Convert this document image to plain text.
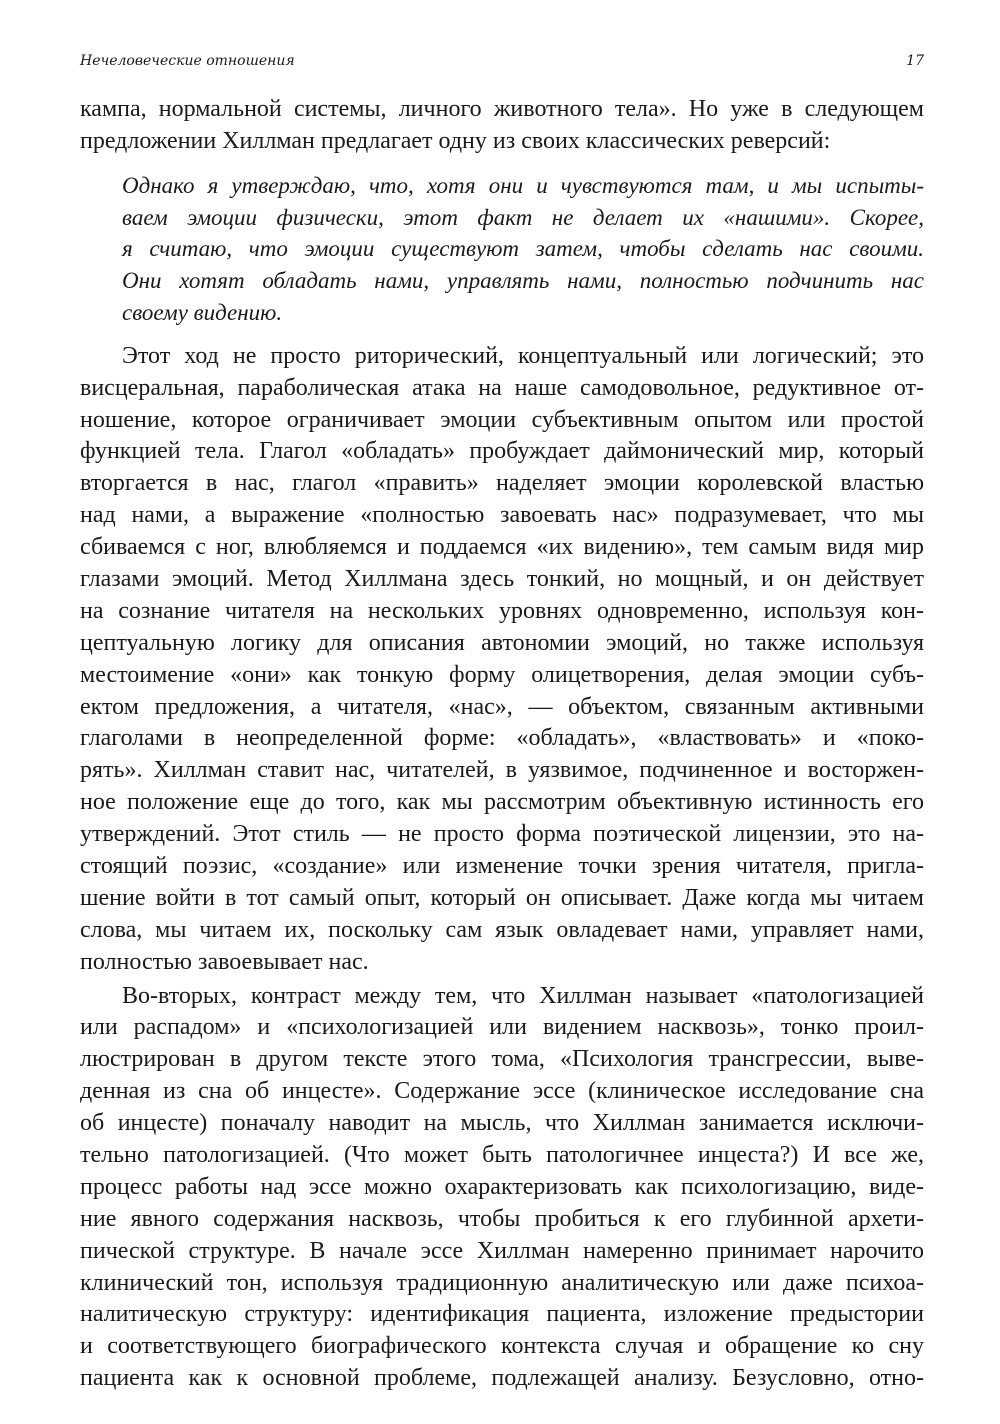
Нечеловеческие отношения	17
кампа, нормальной системы, личного животного тела». Но уже в следующем
предложении Хиллман предлагает одну из своих классических реверсий:
Однако я утверждаю, что, хотя они и чувствуются там, и мы испыты-
ваем эмоции физически, этот факт не делает их «нашими». Скорее,
я считаю, что эмоции существуют затем, чтобы сделать нас своими.
Они хотят обладать нами, управлять нами, полностью подчинить нас
своему видению.
Этот ход не просто риторический, концептуальный или логический; это
висцеральная, параболическая атака на наше самодовольное, редуктивное от-
ношение, которое ограничивает эмоции субъективным опытом или простой
функцией тела. Глагол «обладать» пробуждает даймонический мир, который
вторгается в нас, глагол «править» наделяет эмоции королевской властью
над нами, а выражение «полностью завоевать нас» подразумевает, что мы
сбиваемся с ног, влюбляемся и поддаемся «их видению», тем самым видя мир
глазами эмоций. Метод Хиллмана здесь тонкий, но мощный, и он действует
на сознание читателя на нескольких уровнях одновременно, используя кон-
цептуальную логику для описания автономии эмоций, но также используя
местоимение «они» как тонкую форму олицетворения, делая эмоции субъ-
ектом предложения, а читателя, «нас», — объектом, связанным активными
глаголами в неопределенной форме: «обладать», «властвовать» и «поко-
рять». Хиллман ставит нас, читателей, в уязвимое, подчиненное и восторжен-
ное положение еще до того, как мы рассмотрим объективную истинность его
утверждений. Этот стиль — не просто форма поэтической лицензии, это на-
стоящий поэзис, «создание» или изменение точки зрения читателя, пригла-
шение войти в тот самый опыт, который он описывает. Даже когда мы читаем
слова, мы читаем их, поскольку сам язык овладевает нами, управляет нами,
полностью завоевывает нас.
Во-вторых, контраст между тем, что Хиллман называет «патологизацией
или распадом» и «психологизацией или видением насквозь», тонко проил-
люстрирован в другом тексте этого тома, «Психология трансгрессии, выве-
денная из сна об инцесте». Содержание эссе (клиническое исследование сна
об инцесте) поначалу наводит на мысль, что Хиллман занимается исключи-
тельно патологизацией. (Что может быть патологичнее инцеста?) И все же,
процесс работы над эссе можно охарактеризовать как психологизацию, виде-
ние явного содержания насквозь, чтобы пробиться к его глубинной архети-
пической структуре. В начале эссе Хиллман намеренно принимает нарочито
клинический тон, используя традиционную аналитическую или даже психоа-
налитическую структуру: идентификация пациента, изложение предыстории
и соответствующего биографического контекста случая и обращение ко сну
пациента как к основной проблеме, подлежащей анализу. Безусловно, отно-
